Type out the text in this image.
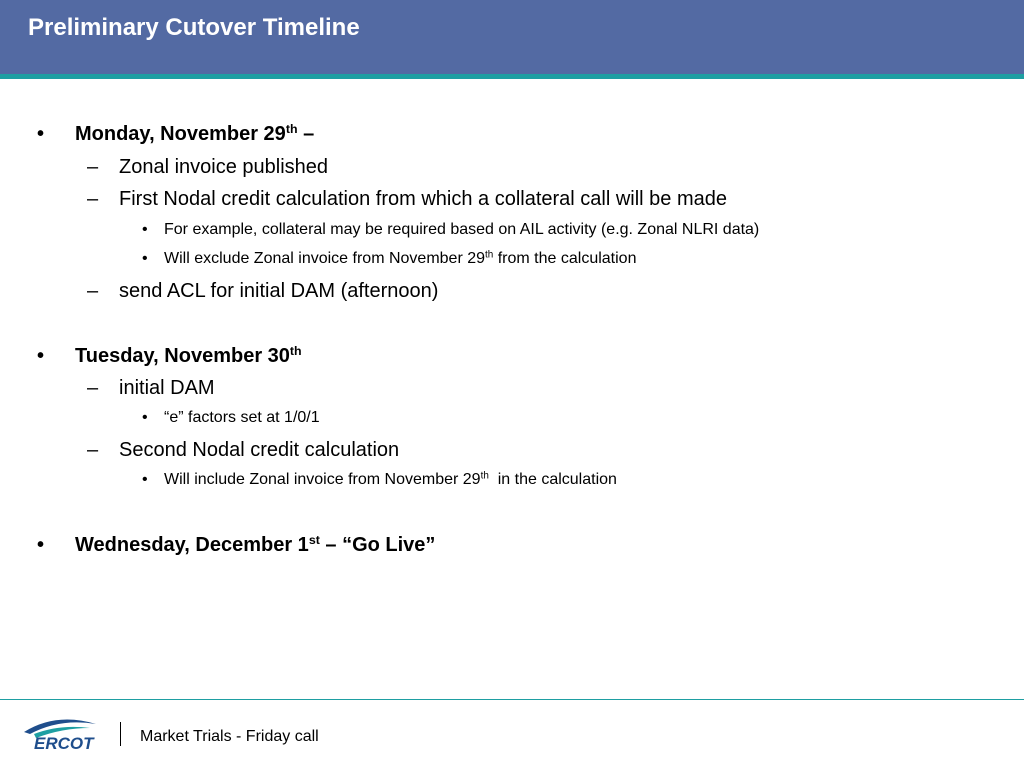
Preliminary Cutover Timeline
• Monday, November 29th –
– Zonal invoice published
– First Nodal credit calculation from which a collateral call will be made
• For example, collateral may be required based on AIL activity (e.g. Zonal NLRI data)
• Will exclude Zonal invoice from November 29th from the calculation
– send ACL for initial DAM (afternoon)
• Tuesday, November 30th
– initial DAM
• “e” factors set at 1/0/1
– Second Nodal credit calculation
• Will include Zonal invoice from November 29th  in the calculation
• Wednesday, December 1st – “Go Live”
ERCOT	Market Trials - Friday call
